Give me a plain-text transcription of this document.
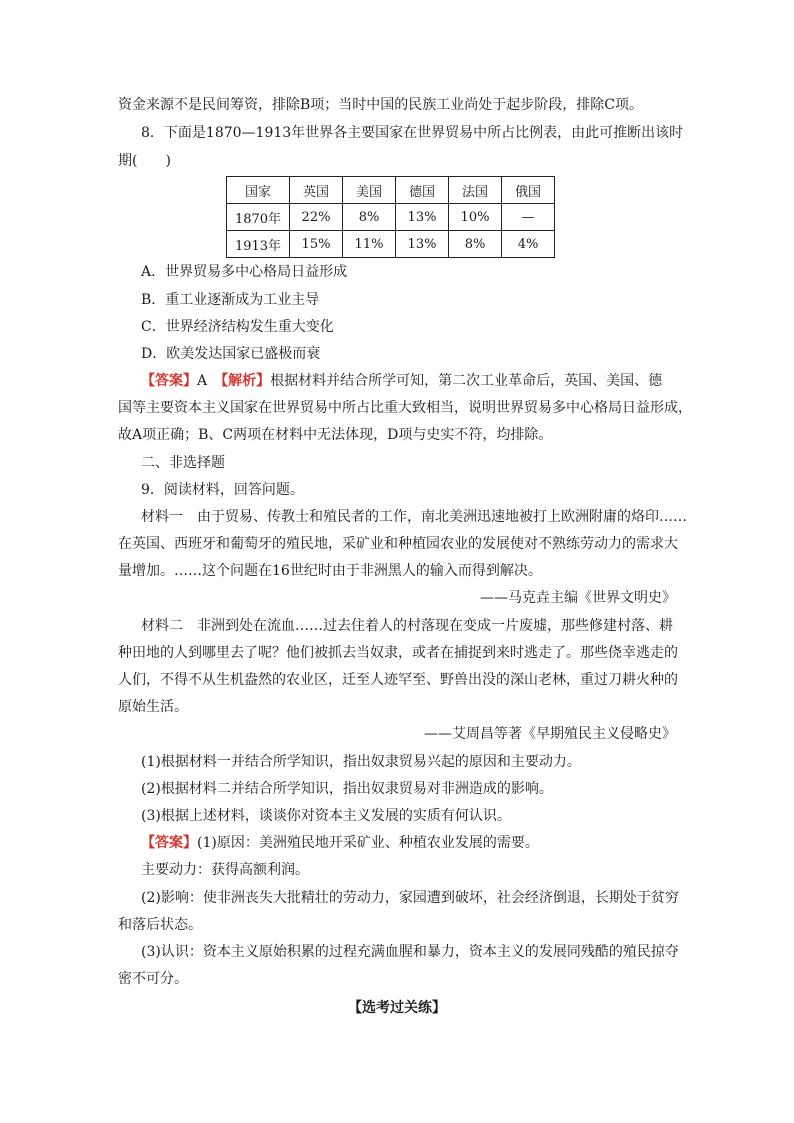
资金来源不是民间筹资，排除B项；当时中国的民族工业尚处于起步阶段，排除C项。
8．下面是1870—1913年世界各主要国家在世界贸易中所占比例表，由此可推断出该时
期(　　)
国家	英国	美国	德国	法国	俄国
1870年	22%	8%	13%	10%	—
1913年	15%	11%	13%	8%	4%
A．世界贸易多中心格局日益形成
B．重工业逐渐成为工业主导
C．世界经济结构发生重大变化
D．欧美发达国家已盛极而衰
【答案】A　【解析】根据材料并结合所学可知，第二次工业革命后，英国、美国、德
国等主要资本主义国家在世界贸易中所占比重大致相当，说明世界贸易多中心格局日益形成，
故A项正确；B、C两项在材料中无法体现，D项与史实不符，均排除。
二、非选择题
9．阅读材料，回答问题。
材料一　由于贸易、传教士和殖民者的工作，南北美洲迅速地被打上欧洲附庸的烙印……
在英国、西班牙和葡萄牙的殖民地，采矿业和种植园农业的发展使对不熟练劳动力的需求大
量增加。……这个问题在16世纪时由于非洲黑人的输入而得到解决。
——马克垚主编《世界文明史》
材料二　非洲到处在流血……过去住着人的村落现在变成一片废墟，那些修建村落、耕
种田地的人到哪里去了呢？他们被抓去当奴隶，或者在捕捉到来时逃走了。那些侥幸逃走的
人们，不得不从生机盎然的农业区，迁至人迹罕至、野兽出没的深山老林，重过刀耕火种的
原始生活。
——艾周昌等著《早期殖民主义侵略史》
(1)根据材料一并结合所学知识，指出奴隶贸易兴起的原因和主要动力。
(2)根据材料二并结合所学知识，指出奴隶贸易对非洲造成的影响。
(3)根据上述材料，谈谈你对资本主义发展的实质有何认识。
【答案】(1)原因：美洲殖民地开采矿业、种植农业发展的需要。
主要动力：获得高额利润。
(2)影响：使非洲丧失大批精壮的劳动力，家园遭到破坏，社会经济倒退，长期处于贫穷
和落后状态。
(3)认识：资本主义原始积累的过程充满血腥和暴力，资本主义的发展同残酷的殖民掠夺
密不可分。
【选考过关练】
